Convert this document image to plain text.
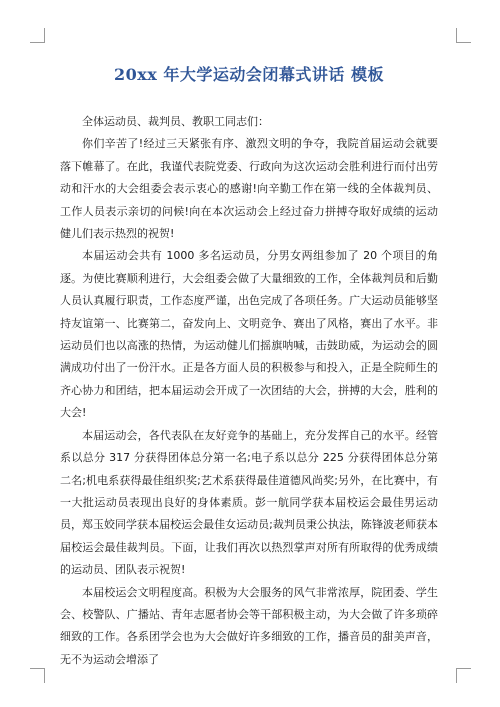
20xx 年大学运动会闭幕式讲话 模板

全体运动员、裁判员、教职工同志们：

你们辛苦了!经过三天紧张有序、激烈文明的争夺，我院首届运动会就要落下帷幕了。在此，我谨代表院党委、行政向为这次运动会胜利进行而付出劳动和汗水的大会组委会表示衷心的感谢!向辛勤工作在第一线的全体裁判员、工作人员表示亲切的问候!向在本次运动会上经过奋力拼搏夺取好成绩的运动健儿们表示热烈的祝贺!

本届运动会共有 1000 多名运动员，分男女两组参加了 20 个项目的角逐。为使比赛顺利进行，大会组委会做了大量细致的工作，全体裁判员和后勤人员认真履行职责，工作态度严谨，出色完成了各项任务。广大运动员能够坚持友谊第一、比赛第二，奋发向上、文明竞争、赛出了风格，赛出了水平。非运动员们也以高涨的热情，为运动健儿们摇旗呐喊，击鼓助威，为运动会的圆满成功付出了一份汗水。正是各方面人员的积极参与和投入，正是全院师生的齐心协力和团结，把本届运动会开成了一次团结的大会，拼搏的大会，胜利的大会!

本届运动会，各代表队在友好竞争的基础上，充分发挥自己的水平。经管系以总分 317 分获得团体总分第一名;电子系以总分 225 分获得团体总分第二名;机电系获得最佳组织奖;艺术系获得最佳道德风尚奖;另外，在比赛中，有一大批运动员表现出良好的身体素质。彭一航同学获本届校运会最佳男运动员，郑玉姣同学获本届校运会最佳女运动员;裁判员秉公执法，陈锋波老师获本届校运会最佳裁判员。下面，让我们再次以热烈掌声对所有所取得的优秀成绩的运动员、团队表示祝贺!

本届校运会文明程度高。积极为大会服务的风气非常浓厚，院团委、学生会、校警队、广播站、青年志愿者协会等干部积极主动，为大会做了许多琐碎细致的工作。各系团学会也为大会做好许多细致的工作，播音员的甜美声音，无不为运动会增添了
